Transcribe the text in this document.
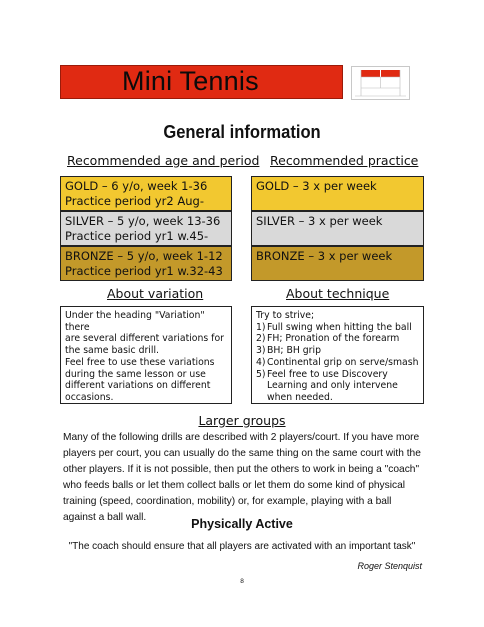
Mini Tennis
General information
Recommended age and period Recommended practice
GOLD – 6 y/o, week 1-36
Practice period yr2 Aug-
SILVER – 5 y/o, week 13-36
Practice period yr1 w.45-
BRONZE – 5 y/o, week 1-12
Practice period yr1 w.32-43
GOLD – 3 x per week
SILVER – 3 x per week
BRONZE – 3 x per week
About variation	About technique
Under the heading "Variation" there
are several different variations for
the same basic drill.
Feel free to use these variations
during the same lesson or use
different variations on different
occasions.
Try to strive;
1) Full swing when hitting the ball
2) FH; Pronation of the forearm
3) BH; BH grip
4) Continental grip on serve/smash
5) Feel free to use Discovery Learning and only intervene when needed.
Larger groups
Many of the following drills are described with 2 players/court. If you have more players per court, you can usually do the same thing on the same court with the other players. If it is not possible, then put the others to work in being a "coach" who feeds balls or let them collect balls or let them do some kind of physical training (speed, coordination, mobility) or, for example, playing with a ball against a ball wall.	Physically Active
"The coach should ensure that all players are activated with an important task"
Roger Stenquist
8
